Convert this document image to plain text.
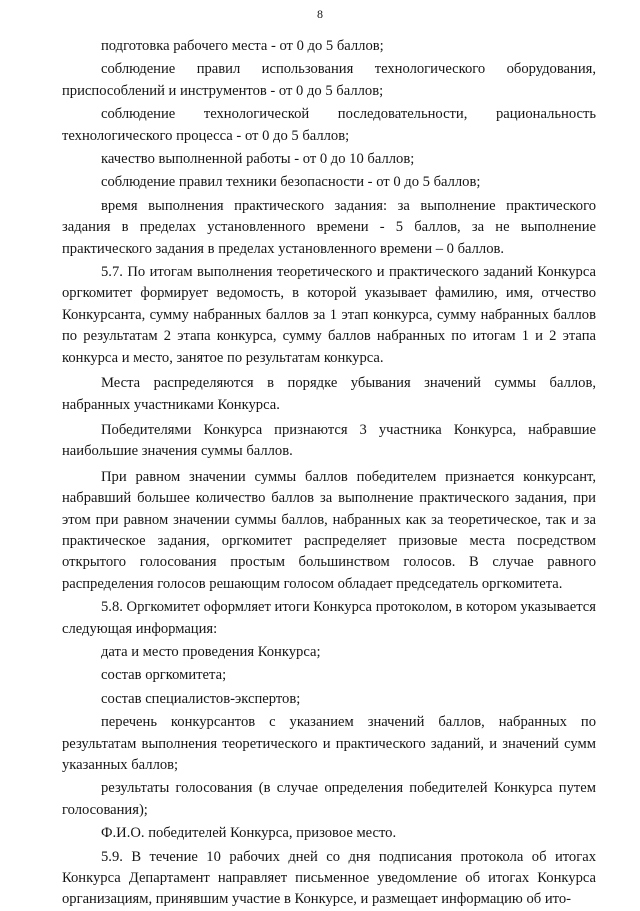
8

подготовка рабочего места - от 0 до 5 баллов;

соблюдение правил использования технологического оборудования, приспособлений и инструментов - от 0 до 5 баллов;

соблюдение технологической последовательности, рациональность технологического процесса - от 0 до 5 баллов;

качество выполненной работы - от 0 до 10 баллов;

соблюдение правил техники безопасности - от 0 до 5 баллов;

время выполнения практического задания: за выполнение практического задания в пределах установленного времени - 5 баллов, за не выполнение практического задания в пределах установленного времени – 0 баллов.

5.7. По итогам выполнения теоретического и практического заданий Конкурса оргкомитет формирует ведомость, в которой указывает фамилию, имя, отчество Конкурсанта, сумму набранных баллов за 1 этап конкурса, сумму набранных баллов по результатам 2 этапа конкурса, сумму баллов набранных по итогам 1 и 2 этапа конкурса и место, занятое по результатам конкурса.

Места распределяются в порядке убывания значений суммы баллов, набранных участниками Конкурса.

Победителями Конкурса признаются 3 участника Конкурса, набравшие наибольшие значения суммы баллов.

При равном значении суммы баллов победителем признается конкурсант, набравший большее количество баллов за выполнение практического задания, при этом при равном значении суммы баллов, набранных как за теоретическое, так и за практическое задания, оргкомитет распределяет призовые места посредством открытого голосования простым большинством голосов. В случае равного распределения голосов решающим голосом обладает председатель оргкомитета.

5.8. Оргкомитет оформляет итоги Конкурса протоколом, в котором указывается следующая информация:

дата и место проведения Конкурса;

состав оргкомитета;

состав специалистов-экспертов;

перечень конкурсантов с указанием значений баллов, набранных по результатам выполнения теоретического и практического заданий, и значений сумм указанных баллов;

результаты голосования (в случае определения победителей Конкурса путем голосования);

Ф.И.О. победителей Конкурса, призовое место.

5.9. В течение 10 рабочих дней со дня подписания протокола об итогах Конкурса Департамент направляет письменное уведомление об итогах Конкурса организациям, принявшим участие в Конкурсе, и размещает информацию об ито-
